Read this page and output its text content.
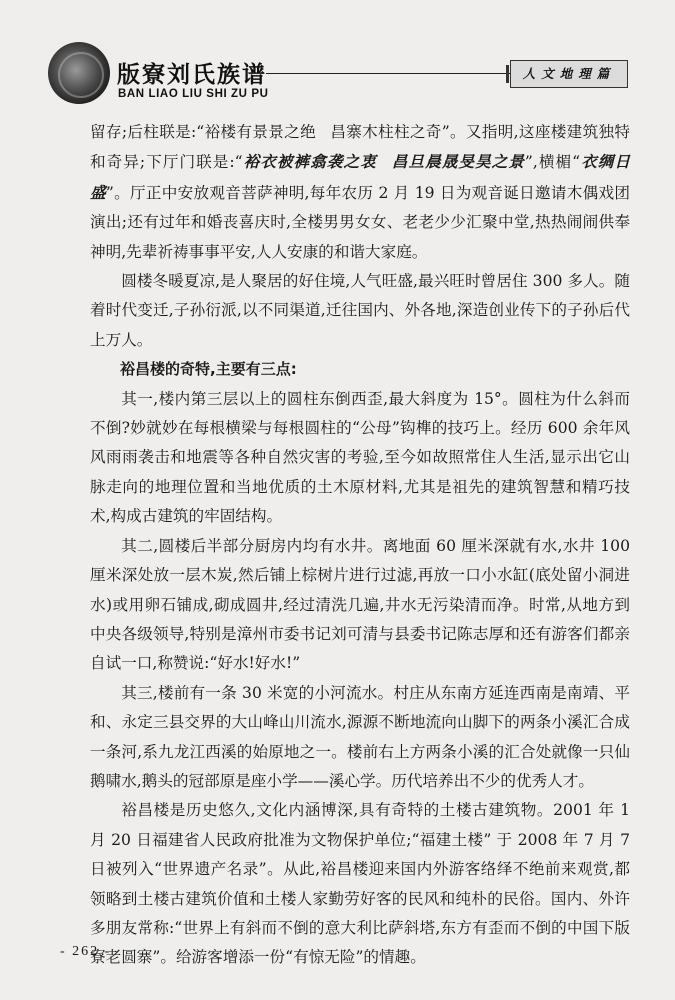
版寮刘氏族谱
BAN LIAO LIU SHI ZU PU
人文地理篇

留存;后柱联是:“裕楼有景景之绝 昌寨木柱柱之奇”。又指明,这座楼建筑独特和奇异;下厅门联是:“裕衣被裤翕袭之衷 昌旦晨晟旻昊之景”,横楣“衣绸日盛”。厅正中安放观音菩萨神明,每年农历 2 月 19 日为观音诞日邀请木偶戏团演出;还有过年和婚丧喜庆时,全楼男男女女、老老少少汇聚中堂,热热闹闹供奉神明,先辈祈祷事事平安,人人安康的和谐大家庭。

圆楼冬暖夏凉,是人聚居的好住境,人气旺盛,最兴旺时曾居住 300 多人。随着时代变迁,子孙衍派,以不同渠道,迁往国内、外各地,深造创业传下的子孙后代上万人。

裕昌楼的奇特,主要有三点:

其一,楼内第三层以上的圆柱东倒西歪,最大斜度为 15°。圆柱为什么斜而不倒?妙就妙在每根横梁与每根圆柱的“公母”钩榫的技巧上。经历 600 余年风风雨雨袭击和地震等各种自然灾害的考验,至今如故照常住人生活,显示出它山脉走向的地理位置和当地优质的土木原材料,尤其是祖先的建筑智慧和精巧技术,构成古建筑的牢固结构。

其二,圆楼后半部分厨房内均有水井。离地面 60 厘米深就有水,水井 100 厘米深处放一层木炭,然后铺上棕树片进行过滤,再放一口小水缸(底处留小洞进水)或用卵石铺成,砌成圆井,经过清洗几遍,井水无污染清而净。时常,从地方到中央各级领导,特别是漳州市委书记刘可清与县委书记陈志厚和还有游客们都亲自试一口,称赞说:“好水!好水!”

其三,楼前有一条 30 米宽的小河流水。村庄从东南方延连西南是南靖、平和、永定三县交界的大山峰山川流水,源源不断地流向山脚下的两条小溪汇合成一条河,系九龙江西溪的始原地之一。楼前右上方两条小溪的汇合处就像一只仙鹅啸水,鹅头的冠部原是座小学——溪心学。历代培养出不少的优秀人才。

裕昌楼是历史悠久,文化内涵博深,具有奇特的土楼古建筑物。2001 年 1 月 20 日福建省人民政府批准为文物保护单位;“福建土楼” 于 2008 年 7 月 7 日被列入“世界遗产名录”。从此,裕昌楼迎来国内外游客络绎不绝前来观赏,都领略到土楼古建筑价值和土楼人家勤劳好客的民风和纯朴的民俗。国内、外许多朋友常称:“世界上有斜而不倒的意大利比萨斜塔,东方有歪而不倒的中国下版寮老圆寨”。给游客增添一份“有惊无险”的情趣。

- 262 -
